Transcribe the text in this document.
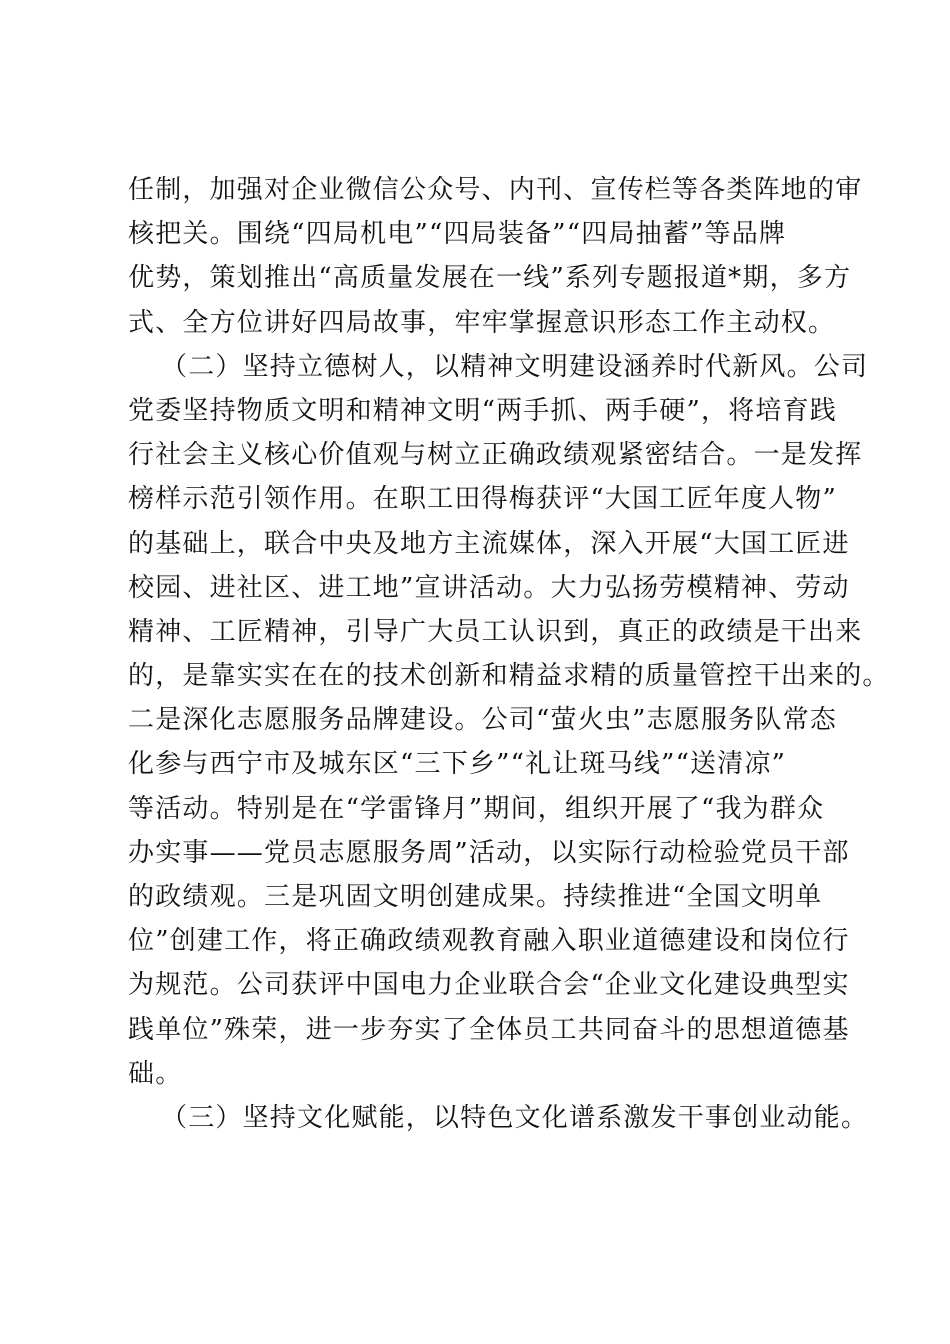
任制，加强对企业微信公众号、内刊、宣传栏等各类阵地的审
核把关。围绕“四局机电”“四局装备”“四局抽蓄”等品牌
优势，策划推出“高质量发展在一线”系列专题报道*期，多方
式、全方位讲好四局故事，牢牢掌握意识形态工作主动权。
（二）坚持立德树人，以精神文明建设涵养时代新风。公司
党委坚持物质文明和精神文明“两手抓、两手硬”，将培育践
行社会主义核心价值观与树立正确政绩观紧密结合。一是发挥
榜样示范引领作用。在职工田得梅获评“大国工匠年度人物”
的基础上，联合中央及地方主流媒体，深入开展“大国工匠进
校园、进社区、进工地”宣讲活动。大力弘扬劳模精神、劳动
精神、工匠精神，引导广大员工认识到，真正的政绩是干出来
的，是靠实实在在的技术创新和精益求精的质量管控干出来的。
二是深化志愿服务品牌建设。公司“萤火虫”志愿服务队常态
化参与西宁市及城东区“三下乡”“礼让斑马线”“送清凉”
等活动。特别是在“学雷锋月”期间，组织开展了“我为群众
办实事——党员志愿服务周”活动，以实际行动检验党员干部
的政绩观。三是巩固文明创建成果。持续推进“全国文明单
位”创建工作，将正确政绩观教育融入职业道德建设和岗位行
为规范。公司获评中国电力企业联合会“企业文化建设典型实
践单位”殊荣，进一步夯实了全体员工共同奋斗的思想道德基
础。
（三）坚持文化赋能，以特色文化谱系激发干事创业动能。
